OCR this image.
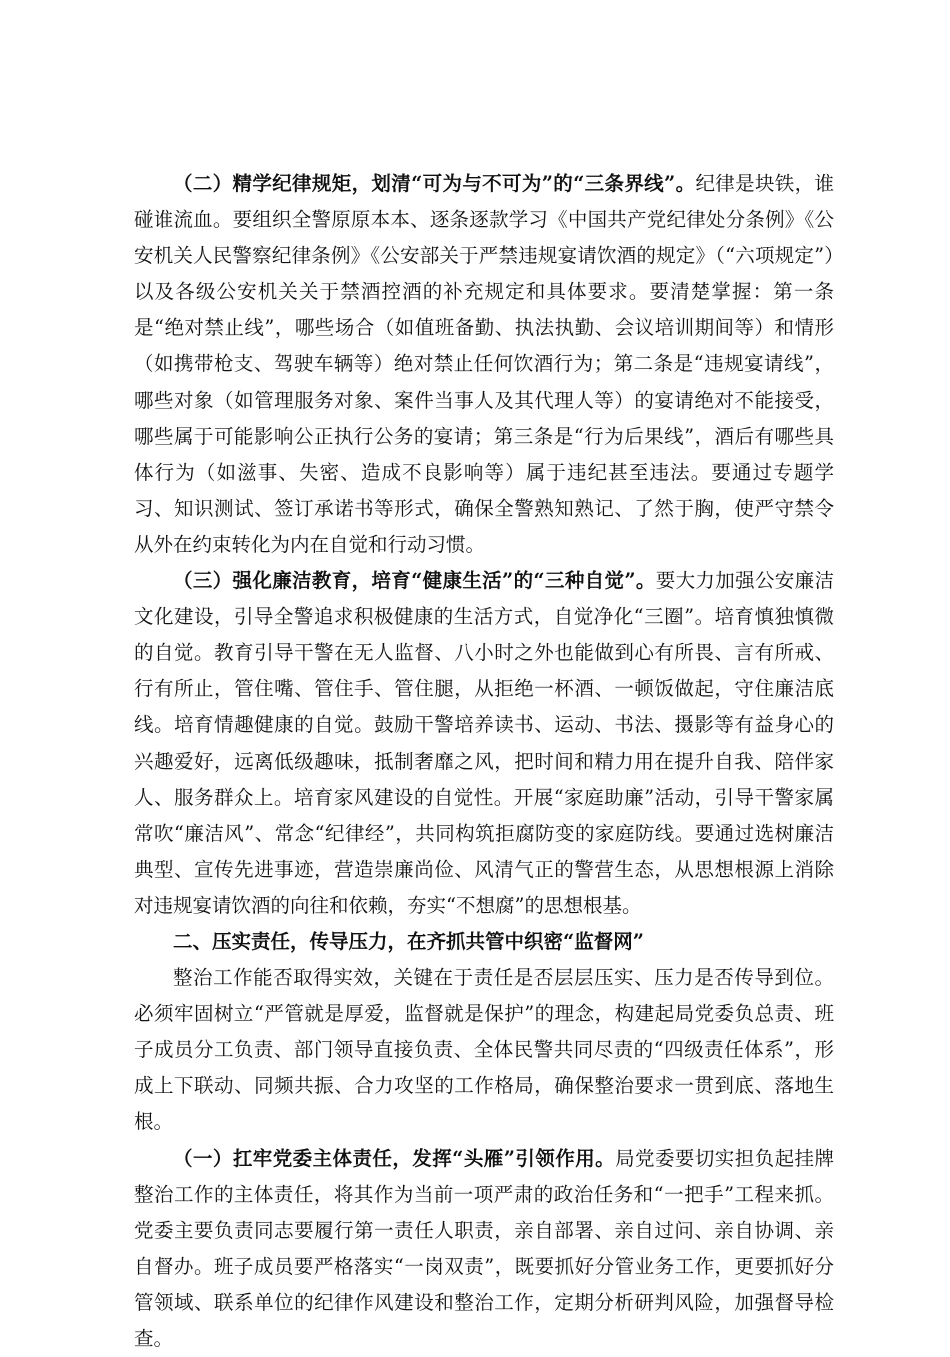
（二）精学纪律规矩，划清“可为与不可为”的“三条界线”。纪律是块铁，谁碰谁流血。要组织全警原原本本、逐条逐款学习《中国共产党纪律处分条例》《公安机关人民警察纪律条例》《公安部关于严禁违规宴请饮酒的规定》（“六项规定”）以及各级公安机关关于禁酒控酒的补充规定和具体要求。要清楚掌握：第一条是“绝对禁止线”，哪些场合（如值班备勤、执法执勤、会议培训期间等）和情形（如携带枪支、驾驶车辆等）绝对禁止任何饮酒行为；第二条是“违规宴请线”，哪些对象（如管理服务对象、案件当事人及其代理人等）的宴请绝对不能接受，哪些属于可能影响公正执行公务的宴请；第三条是“行为后果线”，酒后有哪些具体行为（如滋事、失密、造成不良影响等）属于违纪甚至违法。要通过专题学习、知识测试、签订承诺书等形式，确保全警熟知熟记、了然于胸，使严守禁令从外在约束转化为内在自觉和行动习惯。

（三）强化廉洁教育，培育“健康生活”的“三种自觉”。要大力加强公安廉洁文化建设，引导全警追求积极健康的生活方式，自觉净化“三圈”。培育慎独慎微的自觉。教育引导干警在无人监督、八小时之外也能做到心有所畏、言有所戒、行有所止，管住嘴、管住手、管住腿，从拒绝一杯酒、一顿饭做起，守住廉洁底线。培育情趣健康的自觉。鼓励干警培养读书、运动、书法、摄影等有益身心的兴趣爱好，远离低级趣味，抵制奢靡之风，把时间和精力用在提升自我、陪伴家人、服务群众上。培育家风建设的自觉性。开展“家庭助廉”活动，引导干警家属常吹“廉洁风”、常念“纪律经”，共同构筑拒腐防变的家庭防线。要通过选树廉洁典型、宣传先进事迹，营造崇廉尚俭、风清气正的警营生态，从思想根源上消除对违规宴请饮酒的向往和依赖，夯实“不想腐”的思想根基。

二、压实责任，传导压力，在齐抓共管中织密“监督网”

整治工作能否取得实效，关键在于责任是否层层压实、压力是否传导到位。必须牢固树立“严管就是厚爱，监督就是保护”的理念，构建起局党委负总责、班子成员分工负责、部门领导直接负责、全体民警共同尽责的“四级责任体系”，形成上下联动、同频共振、合力攻坚的工作格局，确保整治要求一贯到底、落地生根。

（一）扛牢党委主体责任，发挥“头雁”引领作用。局党委要切实担负起挂牌整治工作的主体责任，将其作为当前一项严肃的政治任务和“一把手”工程来抓。党委主要负责同志要履行第一责任人职责，亲自部署、亲自过问、亲自协调、亲自督办。班子成员要严格落实“一岗双责”，既要抓好分管业务工作，更要抓好分管领域、联系单位的纪律作风建设和整治工作，定期分析研判风险，加强督导检查。
